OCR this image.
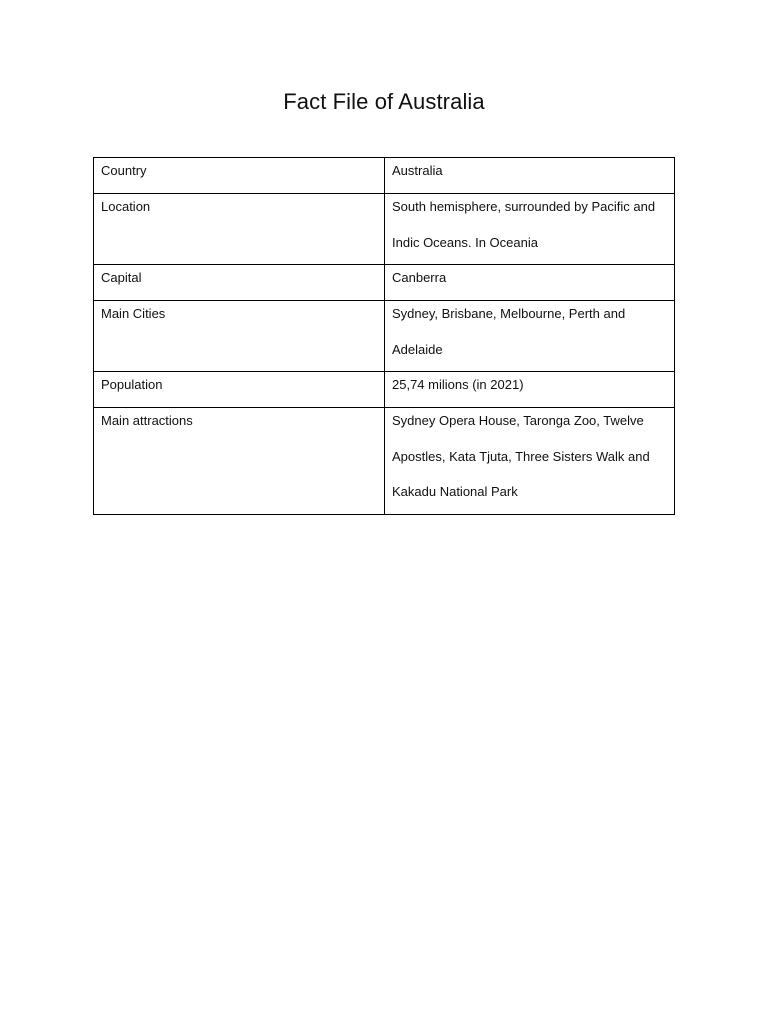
Fact File of Australia
Country	Australia

Location	South hemisphere, surrounded by Pacific and Indic Oceans. In Oceania

Capital	Canberra

Main Cities	Sydney, Brisbane, Melbourne, Perth and Adelaide

Population	25,74 milions (in 2021)

Main attractions	Sydney Opera House, Taronga Zoo, Twelve Apostles, Kata Tjuta, Three Sisters Walk and Kakadu National Park
